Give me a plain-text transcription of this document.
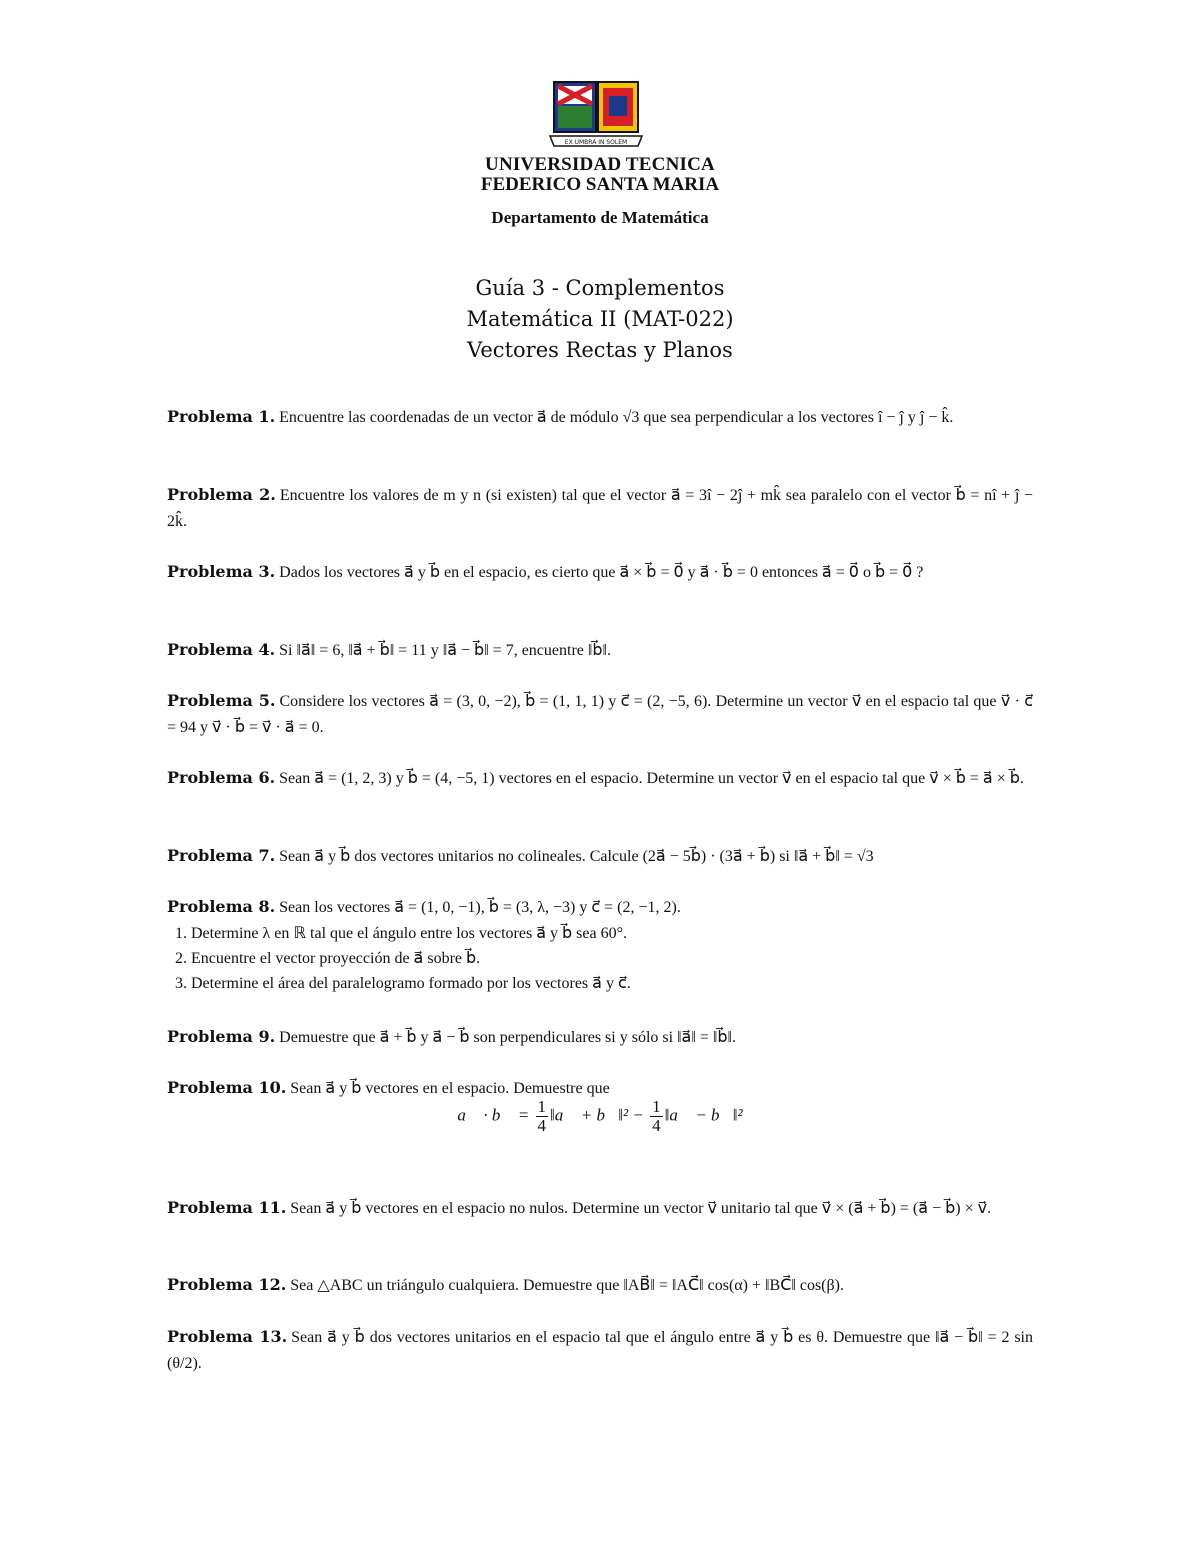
EX UMBRA IN SOLEM
UNIVERSIDAD TECNICA
FEDERICO SANTA MARIA
Departamento de Matemática
Guía 3 - Complementos
Matemática II (MAT-022)
Vectores Rectas y Planos
Problema 1. Encuentre las coordenadas de un vector a⃗ de módulo √3 que sea perpendicular a los vectores î − ĵ y ĵ − k̂.
Problema 2. Encuentre los valores de m y n (si existen) tal que el vector a⃗ = 3î − 2ĵ + mk̂ sea paralelo con el vector b⃗ = nî + ĵ − 2k̂.
Problema 3. Dados los vectores a⃗ y b⃗ en el espacio, es cierto que a⃗ × b⃗ = 0⃗ y a⃗ · b⃗ = 0 entonces a⃗ = 0⃗ o b⃗ = 0⃗ ?
Problema 4. Si ‖a⃗‖ = 6, ‖a⃗ + b⃗‖ = 11 y ‖a⃗ − b⃗‖ = 7, encuentre ‖b⃗‖.
Problema 5. Considere los vectores a⃗ = (3, 0, −2), b⃗ = (1, 1, 1) y c⃗ = (2, −5, 6). Determine un vector v⃗ en el espacio tal que v⃗ · c⃗ = 94 y v⃗ · b⃗ = v⃗ · a⃗ = 0.
Problema 6. Sean a⃗ = (1, 2, 3) y b⃗ = (4, −5, 1) vectores en el espacio. Determine un vector v⃗ en el espacio tal que v⃗ × b⃗ = a⃗ × b⃗.
Problema 7. Sean a⃗ y b⃗ dos vectores unitarios no colineales. Calcule (2a⃗ − 5b⃗) · (3a⃗ + b⃗) si ‖a⃗ + b⃗‖ = √3
Problema 8. Sean los vectores a⃗ = (1, 0, −1), b⃗ = (3, λ, −3) y c⃗ = (2, −1, 2).
1. Determine λ en ℝ tal que el ángulo entre los vectores a⃗ y b⃗ sea 60°.
2. Encuentre el vector proyección de a⃗ sobre b⃗.
3. Determine el área del paralelogramo formado por los vectores a⃗ y c⃗.
Problema 9. Demuestre que a⃗ + b⃗ y a⃗ − b⃗ son perpendiculares si y sólo si ‖a⃗‖ = ‖b⃗‖.
Problema 10. Sean a⃗ y b⃗ vectores en el espacio. Demuestre que
a⃗ · b⃗ = $\frac{1}{4}$ ‖a⃗ + b⃗‖² − $\frac{1}{4}$ ‖a⃗ − b⃗‖²
Problema 11. Sean a⃗ y b⃗ vectores en el espacio no nulos. Determine un vector v⃗ unitario tal que v⃗ × (a⃗ + b⃗) = (a⃗ − b⃗) × v⃗.
Problema 12. Sea △ABC un triángulo cualquiera. Demuestre que ‖AB⃗‖ = ‖AC⃗‖ cos(α) + ‖BC⃗‖ cos(β).
Problema 13. Sean a⃗ y b⃗ dos vectores unitarios en el espacio tal que el ángulo entre a⃗ y b⃗ es θ. Demuestre que ‖a⃗ − b⃗‖ = 2 sin (θ/2).
